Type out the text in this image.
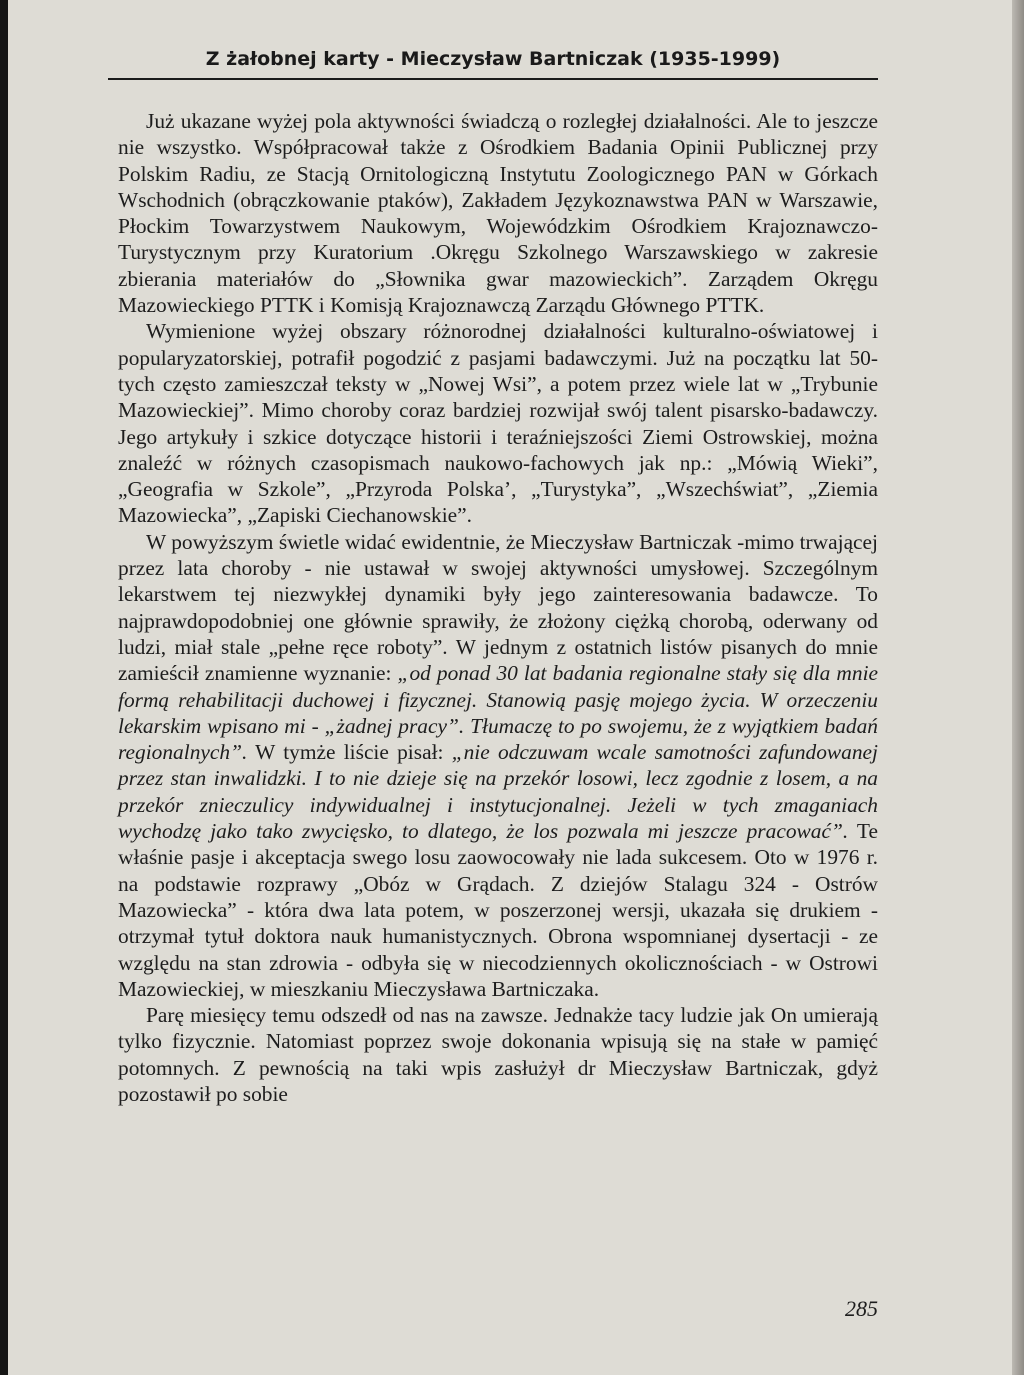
Z żałobnej karty - Mieczysław Bartniczak (1935-1999)

Już ukazane wyżej pola aktywności świadczą o rozległej działalności. Ale to jeszcze nie wszystko. Współpracował także z Ośrodkiem Badania Opinii Publicznej przy Polskim Radiu, ze Stacją Ornitologiczną Instytutu Zoologicznego PAN w Górkach Wschodnich (obrączkowanie ptaków), Zakładem Językoznawstwa PAN w Warszawie, Płockim Towarzystwem Naukowym, Wojewódzkim Ośrodkiem Krajoznawczo-Turystycznym przy Kuratorium .Okręgu Szkolnego Warszawskiego w zakresie zbierania materiałów do „Słownika gwar mazowieckich”. Zarządem Okręgu Mazowieckiego PTTK i Komisją Krajoznawczą Zarządu Głównego PTTK.

Wymienione wyżej obszary różnorodnej działalności kulturalno-oświatowej i popularyzatorskiej, potrafił pogodzić z pasjami badawczymi. Już na początku lat 50-tych często zamieszczał teksty w „Nowej Wsi”, a potem przez wiele lat w „Trybunie Mazowieckiej”. Mimo choroby coraz bardziej rozwijał swój talent pisarsko-badawczy. Jego artykuły i szkice dotyczące historii i teraźniejszości Ziemi Ostrowskiej, można znaleźć w różnych czasopismach naukowo-fachowych jak np.: „Mówią Wieki”, „Geografia w Szkole”, „Przyroda Polska’, „Turystyka”, „Wszechświat”, „Ziemia Mazowiecka”, „Zapiski Ciechanowskie”.

W powyższym świetle widać ewidentnie, że Mieczysław Bartniczak -mimo trwającej przez lata choroby - nie ustawał w swojej aktywności umysłowej. Szczególnym lekarstwem tej niezwykłej dynamiki były jego zainteresowania badawcze. To najprawdopodobniej one głównie sprawiły, że złożony ciężką chorobą, oderwany od ludzi, miał stale „pełne ręce roboty”. W jednym z ostatnich listów pisanych do mnie zamieścił znamienne wyznanie: „od ponad 30 lat badania regionalne stały się dla mnie formą rehabilitacji duchowej i fizycznej. Stanowią pasję mojego życia. W orzeczeniu lekarskim wpisano mi - „żadnej pracy”. Tłumaczę to po swojemu, że z wyjątkiem badań regionalnych”. W tymże liście pisał: „nie odczuwam wcale samotności zafundowanej przez stan inwalidzki. I to nie dzieje się na przekór losowi, lecz zgodnie z losem, a na przekór znieczulicy indywidualnej i instytucjonalnej. Jeżeli w tych zmaganiach wychodzę jako tako zwycięsko, to dlatego, że los pozwala mi jeszcze pracować”. Te właśnie pasje i akceptacja swego losu zaowocowały nie lada sukcesem. Oto w 1976 r. na podstawie rozprawy „Obóz w Grądach. Z dziejów Stalagu 324 - Ostrów Mazowiecka” - która dwa lata potem, w poszerzonej wersji, ukazała się drukiem - otrzymał tytuł doktora nauk humanistycznych. Obrona wspomnianej dysertacji - ze względu na stan zdrowia - odbyła się w niecodziennych okolicznościach - w Ostrowi Mazowieckiej, w mieszkaniu Mieczysława Bartniczaka.

Parę miesięcy temu odszedł od nas na zawsze. Jednakże tacy ludzie jak On umierają tylko fizycznie. Natomiast poprzez swoje dokonania wpisują się na stałe w pamięć potomnych. Z pewnością na taki wpis zasłużył dr Mieczysław Bartniczak, gdyż pozostawił po sobie

285
